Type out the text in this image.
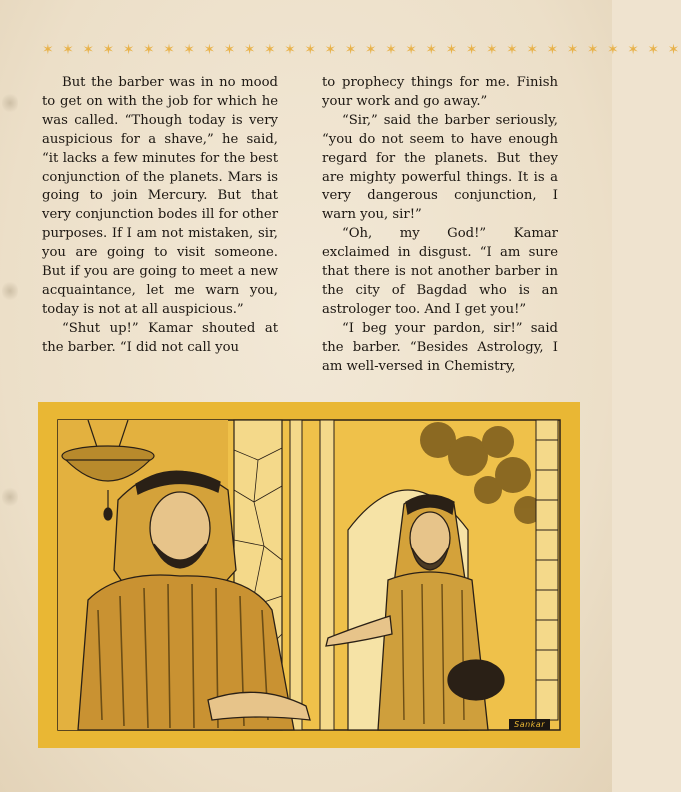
✶ ✶ ✶ ✶ ✶ ✶ ✶ ✶ ✶ ✶ ✶ ✶ ✶ ✶ ✶ ✶ ✶ ✶ ✶ ✶ ✶ ✶ ✶ ✶ ✶ ✶ ✶ ✶ ✶ ✶ ✶ ✶

But the barber was in no mood to get on with the job for which he was called. “Though today is very auspicious for a shave,” he said, “it lacks a few minutes for the best conjunction of the planets. Mars is going to join Mercury. But that very conjunction bodes ill for other purposes. If I am not mistaken, sir, you are going to visit someone. But if you are going to meet a new acquaintance, let me warn you, today is not at all auspicious.”

“Shut up!” Kamar shouted at the barber. “I did not call you

to prophecy things for me. Finish your work and go away.”

“Sir,” said the barber seriously, “you do not seem to have enough regard for the planets. But they are mighty powerful things. It is a very dangerous conjunction, I warn you, sir!”

“Oh, my God!” Kamar exclaimed in disgust. “I am sure that there is not another barber in the city of Bagdad who is an astrologer too. And I get you!”

“I beg your pardon, sir!” said the barber. “Besides Astrology, I am well-versed in Chemistry,

Sankar
